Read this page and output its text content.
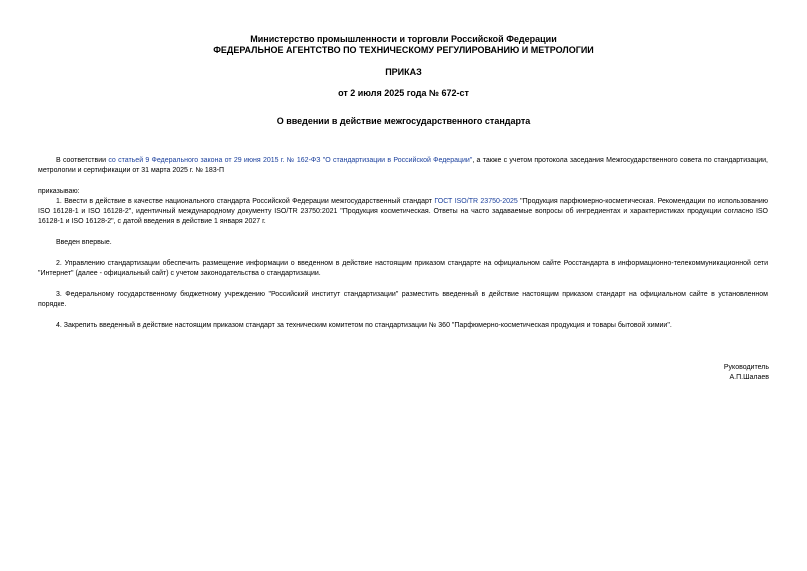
Министерство промышленности и торговли Российской Федерации
ФЕДЕРАЛЬНОЕ АГЕНТСТВО ПО ТЕХНИЧЕСКОМУ РЕГУЛИРОВАНИЮ И МЕТРОЛОГИИ
ПРИКАЗ
от 2 июля 2025 года № 672-ст
О введении в действие межгосударственного стандарта
В соответствии со статьей 9 Федерального закона от 29 июня 2015 г. № 162-ФЗ "О стандартизации в Российской Федерации", а также с учетом протокола заседания Межгосударственного совета по стандартизации, метрологии и сертификации от 31 марта 2025 г. № 183-П
приказываю:
1. Ввести в действие в качестве национального стандарта Российской Федерации межгосударственный стандарт ГОСТ ISO/TR 23750-2025 "Продукция парфюмерно-косметическая. Рекомендации по использованию ISO 16128-1 и ISO 16128-2", идентичный международному документу ISO/TR 23750:2021 "Продукция косметическая. Ответы на часто задаваемые вопросы об ингредиентах и характеристиках продукции согласно ISO 16128-1 и ISO 16128-2", с датой введения в действие 1 января 2027 г.
Введен впервые.
2. Управлению стандартизации обеспечить размещение информации о введенном в действие настоящим приказом стандарте на официальном сайте Росстандарта в информационно-телекоммуникационной сети "Интернет" (далее - официальный сайт) с учетом законодательства о стандартизации.
3. Федеральному государственному бюджетному учреждению "Российский институт стандартизации" разместить введенный в действие настоящим приказом стандарт на официальном сайте в установленном порядке.
4. Закрепить введенный в действие настоящим приказом стандарт за техническим комитетом по стандартизации № 360 "Парфюмерно-косметическая продукция и товары бытовой химии".
Руководитель
А.П.Шалаев
